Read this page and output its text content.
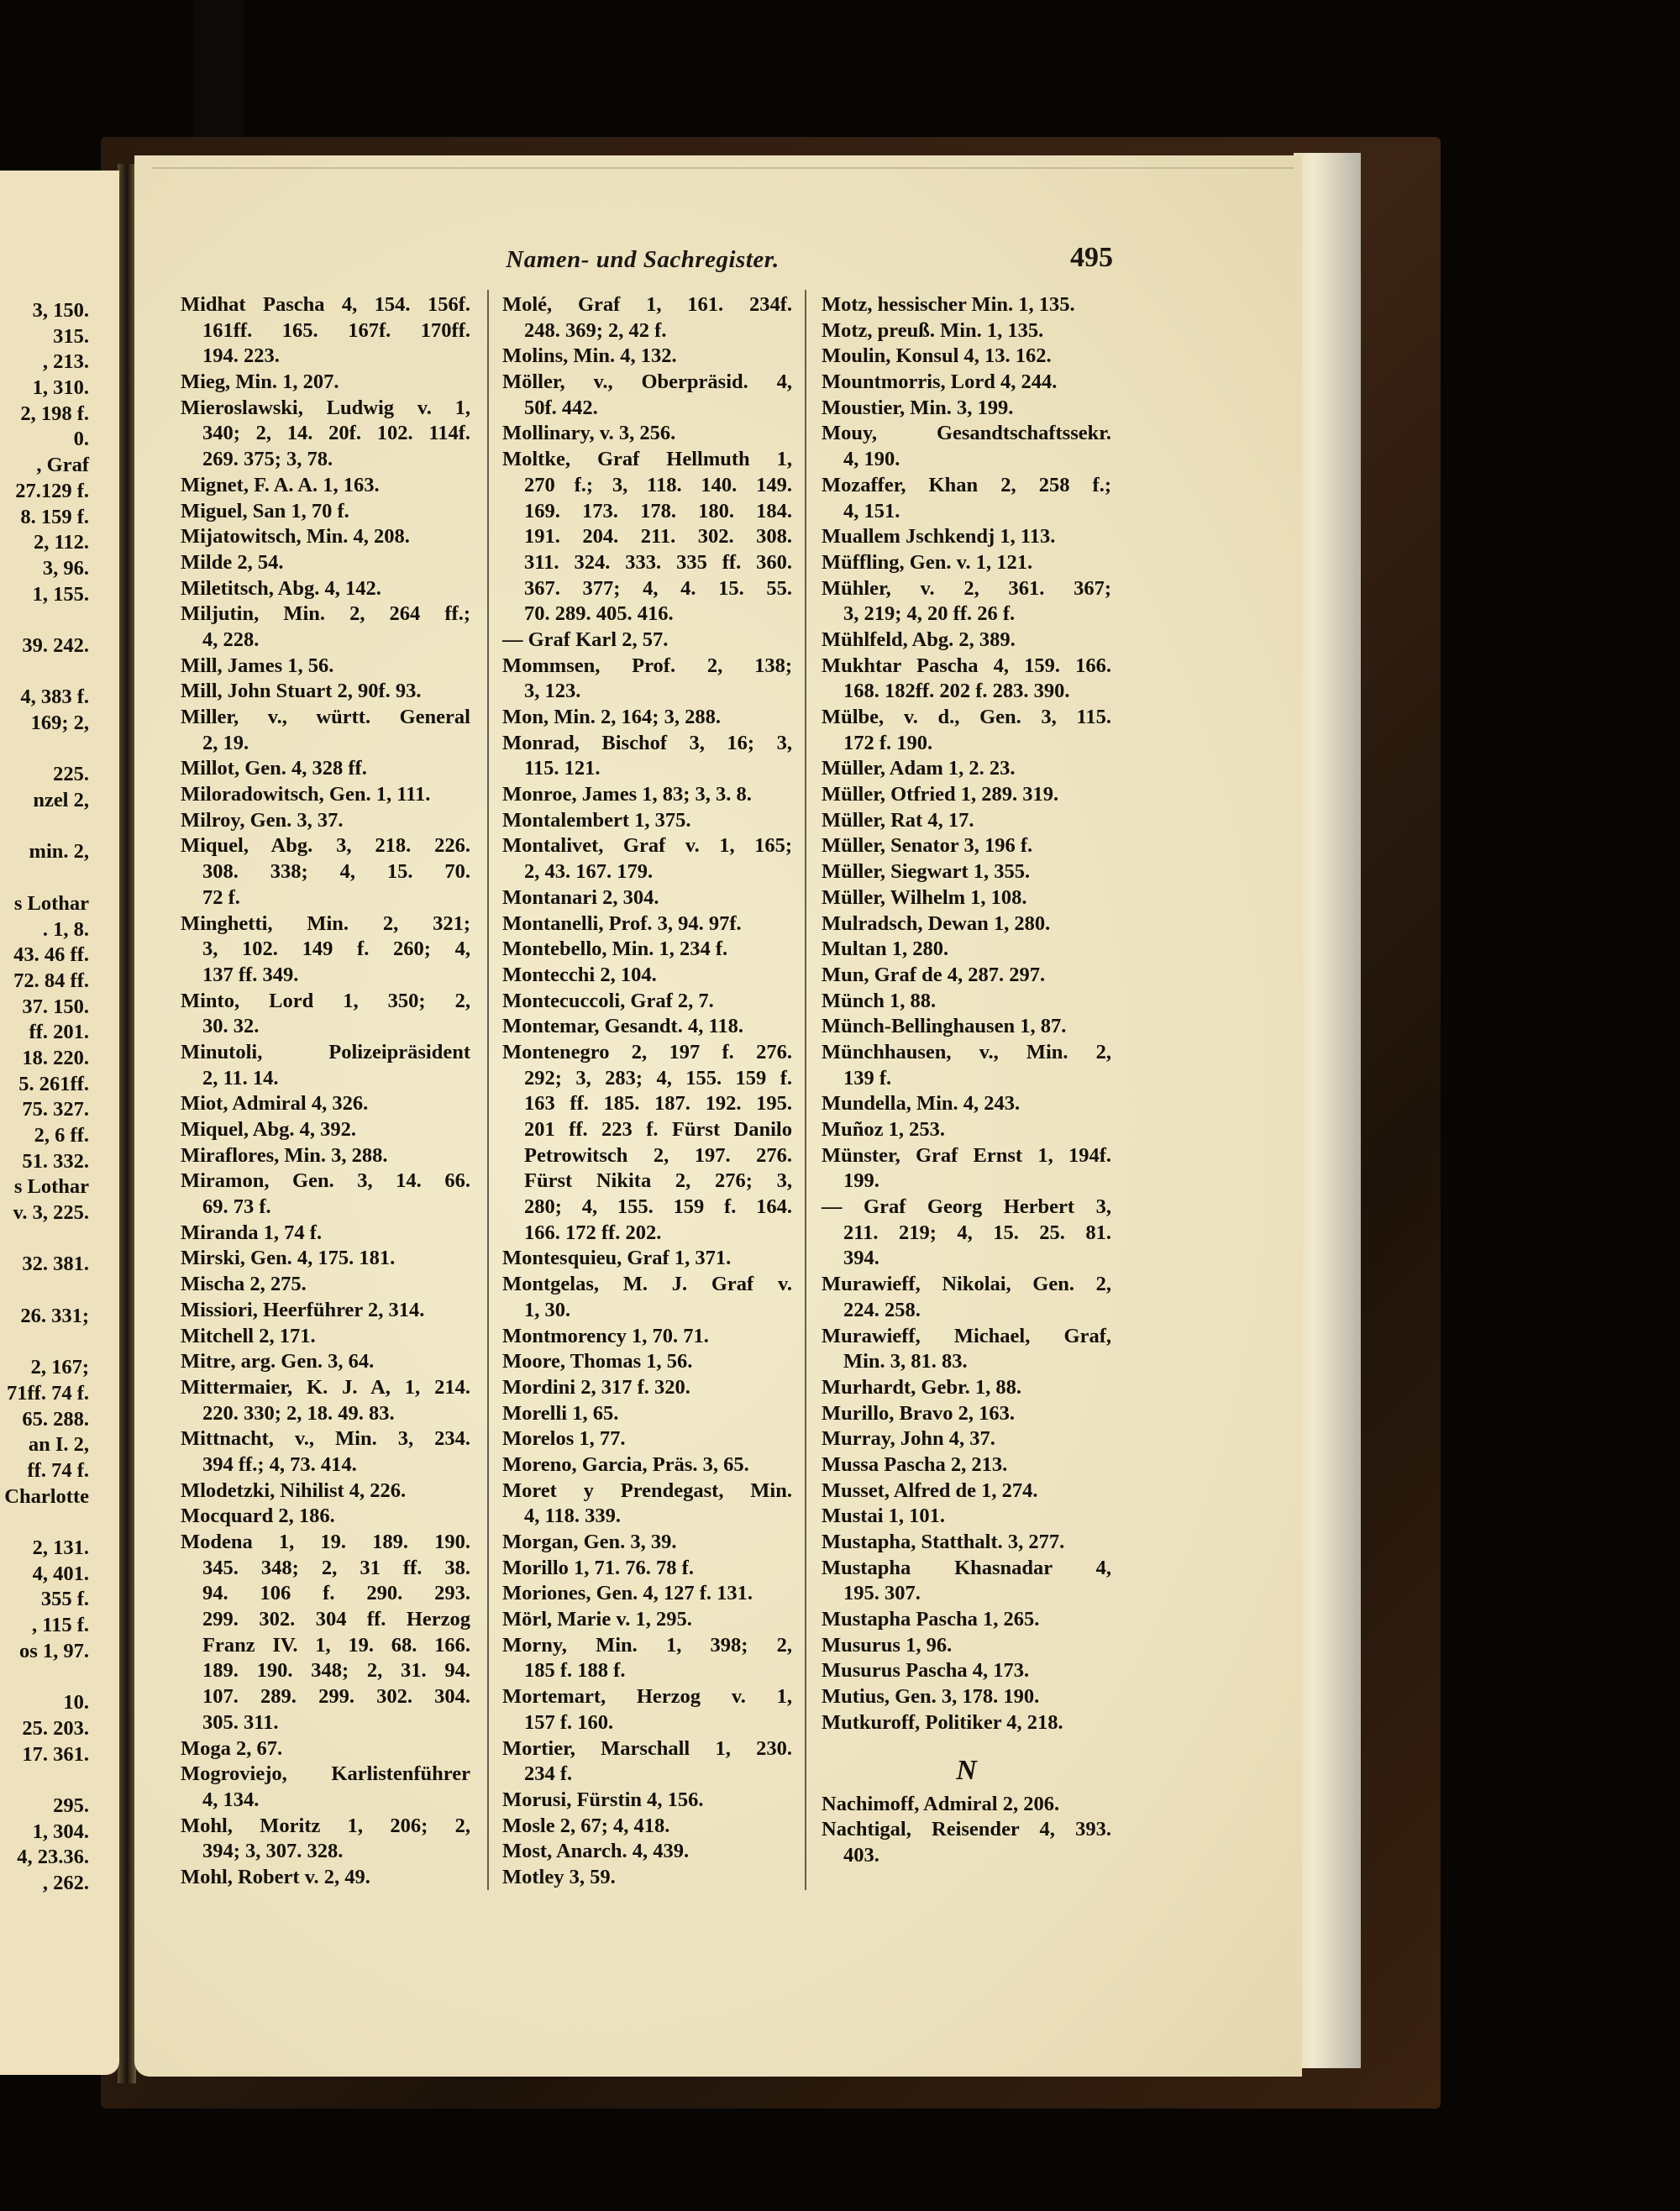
3, 150.
315.
, 213.
1, 310.
2, 198 f.
0.
, Graf
27.129 f.
8. 159 f.
2, 112.
3, 96.
1, 155.
39. 242.
4, 383 f.
169; 2,
225.
nzel 2,
min. 2,
s Lothar
. 1, 8.
43. 46 ff.
72. 84 ff.
37. 150.
ff. 201.
18. 220.
5. 261ff.
75. 327.
2, 6 ff.
51. 332.
s Lothar
v. 3, 225.
32. 381.
26. 331;
2, 167;
71ff. 74 f.
65. 288.
an I. 2,
ff. 74 f.
Charlotte
2, 131.
4, 401.
355 f.
, 115 f.
os 1, 97.
10.
25. 203.
17. 361.
295.
1, 304.
4, 23.36.
, 262.
Namen- und Sachregister.	495
Midhat Pascha 4, 154. 156f.
161ff. 165. 167f. 170ff.
194. 223.
Mieg, Min. 1, 207.
Mieroslawski, Ludwig v. 1,
340; 2, 14. 20f. 102. 114f.
269. 375; 3, 78.
Mignet, F. A. A. 1, 163.
Miguel, San 1, 70 f.
Mijatowitsch, Min. 4, 208.
Milde 2, 54.
Miletitsch, Abg. 4, 142.
Miljutin, Min. 2, 264 ff.;
4, 228.
Mill, James 1, 56.
Mill, John Stuart 2, 90f. 93.
Miller, v., württ. General
2, 19.
Millot, Gen. 4, 328 ff.
Miloradowitsch, Gen. 1, 111.
Milroy, Gen. 3, 37.
Miquel, Abg. 3, 218. 226.
308. 338; 4, 15. 70.
72 f.
Minghetti, Min. 2, 321;
3, 102. 149 f. 260; 4,
137 ff. 349.
Minto, Lord 1, 350; 2,
30. 32.
Minutoli, Polizeipräsident
2, 11. 14.
Miot, Admiral 4, 326.
Miquel, Abg. 4, 392.
Miraflores, Min. 3, 288.
Miramon, Gen. 3, 14. 66.
69. 73 f.
Miranda 1, 74 f.
Mirski, Gen. 4, 175. 181.
Mischa 2, 275.
Missiori, Heerführer 2, 314.
Mitchell 2, 171.
Mitre, arg. Gen. 3, 64.
Mittermaier, K. J. A, 1, 214.
220. 330; 2, 18. 49. 83.
Mittnacht, v., Min. 3, 234.
394 ff.; 4, 73. 414.
Mlodetzki, Nihilist 4, 226.
Mocquard 2, 186.
Modena 1, 19. 189. 190.
345. 348; 2, 31 ff. 38.
94. 106 f. 290. 293.
299. 302. 304 ff. Herzog
Franz IV. 1, 19. 68. 166.
189. 190. 348; 2, 31. 94.
107. 289. 299. 302. 304.
305. 311.
Moga 2, 67.
Mogroviejo, Karlistenführer
4, 134.
Mohl, Moritz 1, 206; 2,
394; 3, 307. 328.
Mohl, Robert v. 2, 49.
Molé, Graf 1, 161. 234f.
248. 369; 2, 42 f.
Molins, Min. 4, 132.
Möller, v., Oberpräsid. 4,
50f. 442.
Mollinary, v. 3, 256.
Moltke, Graf Hellmuth 1,
270 f.; 3, 118. 140. 149.
169. 173. 178. 180. 184.
191. 204. 211. 302. 308.
311. 324. 333. 335 ff. 360.
367. 377; 4, 4. 15. 55.
70. 289. 405. 416.
— Graf Karl 2, 57.
Mommsen, Prof. 2, 138;
3, 123.
Mon, Min. 2, 164; 3, 288.
Monrad, Bischof 3, 16; 3,
115. 121.
Monroe, James 1, 83; 3, 3. 8.
Montalembert 1, 375.
Montalivet, Graf v. 1, 165;
2, 43. 167. 179.
Montanari 2, 304.
Montanelli, Prof. 3, 94. 97f.
Montebello, Min. 1, 234 f.
Montecchi 2, 104.
Montecuccoli, Graf 2, 7.
Montemar, Gesandt. 4, 118.
Montenegro 2, 197 f. 276.
292; 3, 283; 4, 155. 159 f.
163 ff. 185. 187. 192. 195.
201 ff. 223 f. Fürst Danilo
Petrowitsch 2, 197. 276.
Fürst Nikita 2, 276; 3,
280; 4, 155. 159 f. 164.
166. 172 ff. 202.
Montesquieu, Graf 1, 371.
Montgelas, M. J. Graf v.
1, 30.
Montmorency 1, 70. 71.
Moore, Thomas 1, 56.
Mordini 2, 317 f. 320.
Morelli 1, 65.
Morelos 1, 77.
Moreno, Garcia, Präs. 3, 65.
Moret y Prendegast, Min.
4, 118. 339.
Morgan, Gen. 3, 39.
Morillo 1, 71. 76. 78 f.
Moriones, Gen. 4, 127 f. 131.
Mörl, Marie v. 1, 295.
Morny, Min. 1, 398; 2,
185 f. 188 f.
Mortemart, Herzog v. 1,
157 f. 160.
Mortier, Marschall 1, 230.
234 f.
Morusi, Fürstin 4, 156.
Mosle 2, 67; 4, 418.
Most, Anarch. 4, 439.
Motley 3, 59.
Motz, hessischer Min. 1, 135.
Motz, preuß. Min. 1, 135.
Moulin, Konsul 4, 13. 162.
Mountmorris, Lord 4, 244.
Moustier, Min. 3, 199.
Mouy, Gesandtschaftssekr.
4, 190.
Mozaffer, Khan 2, 258 f.;
4, 151.
Muallem Jschkendj 1, 113.
Müffling, Gen. v. 1, 121.
Mühler, v. 2, 361. 367;
3, 219; 4, 20 ff. 26 f.
Mühlfeld, Abg. 2, 389.
Mukhtar Pascha 4, 159. 166.
168. 182ff. 202 f. 283. 390.
Mülbe, v. d., Gen. 3, 115.
172 f. 190.
Müller, Adam 1, 2. 23.
Müller, Otfried 1, 289. 319.
Müller, Rat 4, 17.
Müller, Senator 3, 196 f.
Müller, Siegwart 1, 355.
Müller, Wilhelm 1, 108.
Mulradsch, Dewan 1, 280.
Multan 1, 280.
Mun, Graf de 4, 287. 297.
Münch 1, 88.
Münch-Bellinghausen 1, 87.
Münchhausen, v., Min. 2,
139 f.
Mundella, Min. 4, 243.
Muñoz 1, 253.
Münster, Graf Ernst 1, 194f.
199.
— Graf Georg Herbert 3,
211. 219; 4, 15. 25. 81.
394.
Murawieff, Nikolai, Gen. 2,
224. 258.
Murawieff, Michael, Graf,
Min. 3, 81. 83.
Murhardt, Gebr. 1, 88.
Murillo, Bravo 2, 163.
Murray, John 4, 37.
Mussa Pascha 2, 213.
Musset, Alfred de 1, 274.
Mustai 1, 101.
Mustapha, Statthalt. 3, 277.
Mustapha Khasnadar 4,
195. 307.
Mustapha Pascha 1, 265.
Musurus 1, 96.
Musurus Pascha 4, 173.
Mutius, Gen. 3, 178. 190.
Mutkuroff, Politiker 4, 218.
N
Nachimoff, Admiral 2, 206.
Nachtigal, Reisender 4, 393.
403.
